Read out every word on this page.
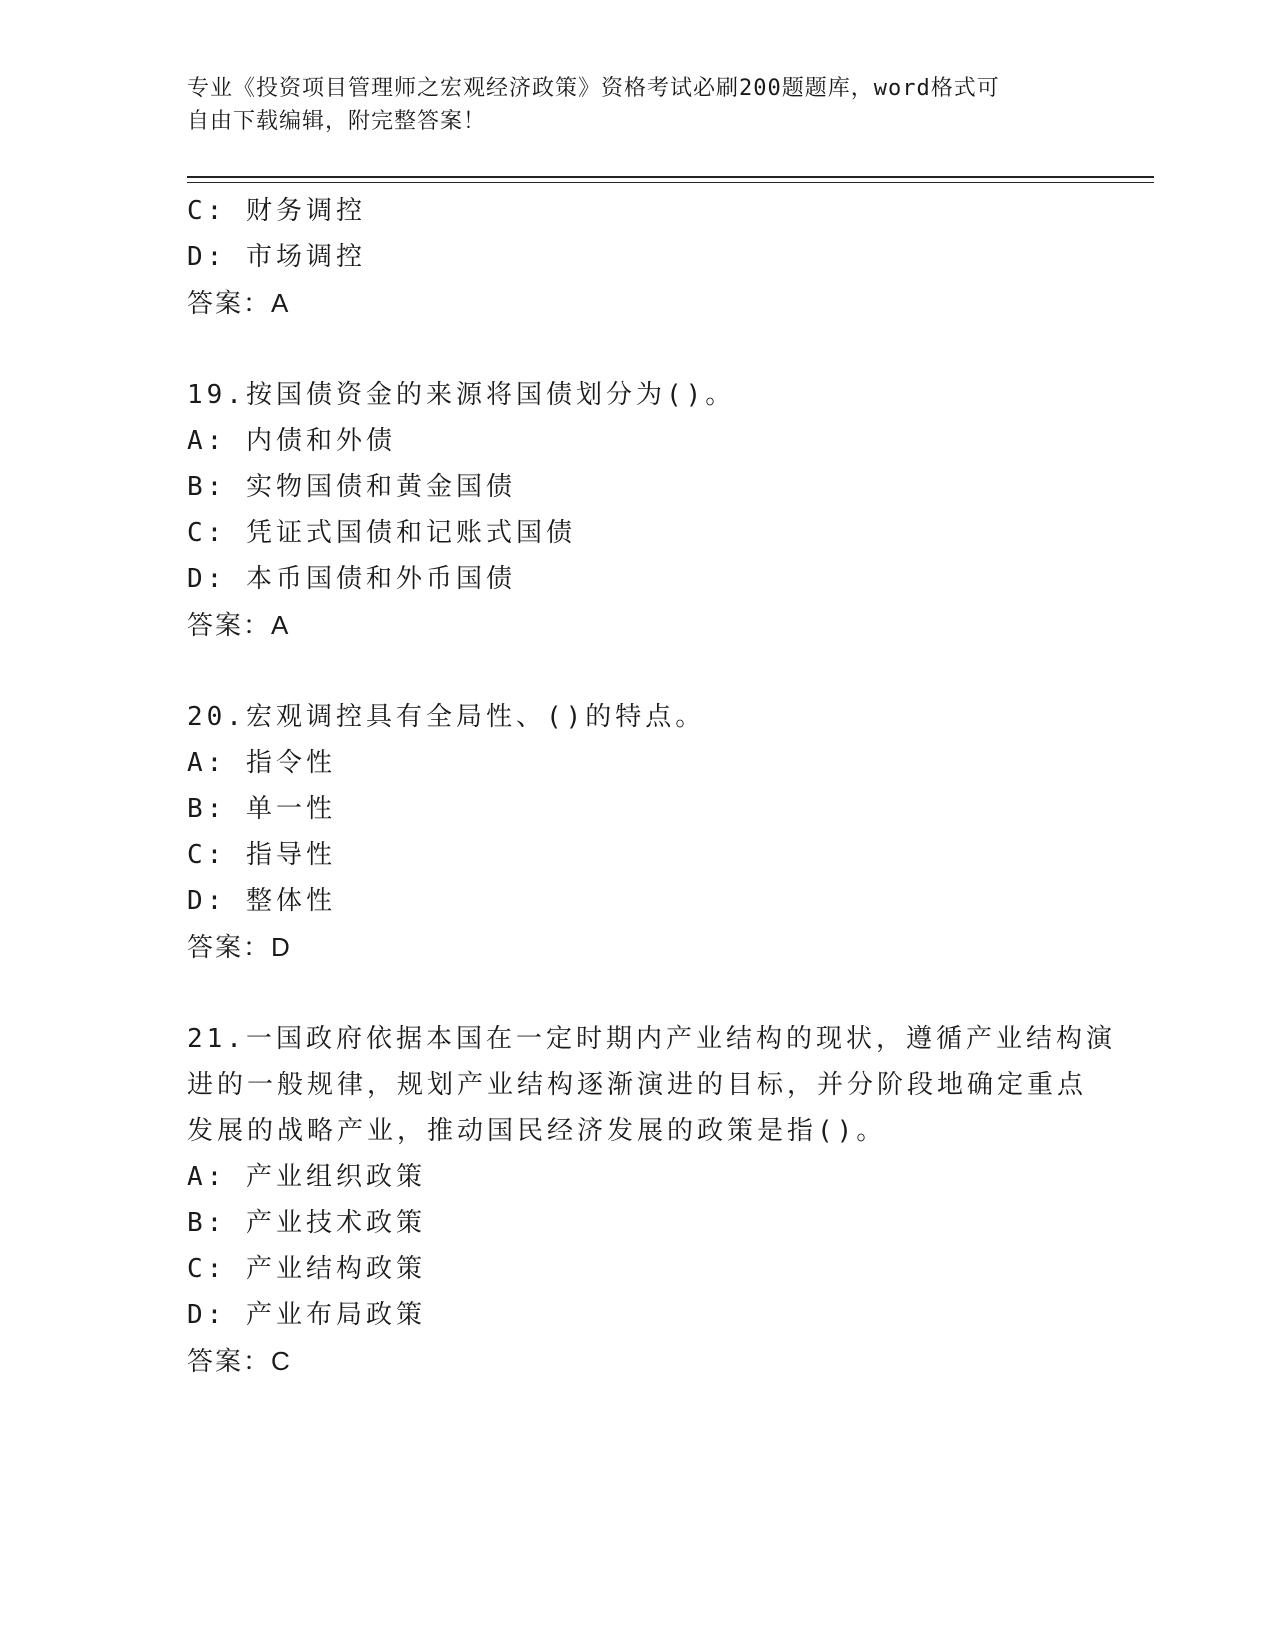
专业《投资项目管理师之宏观经济政策》资格考试必刷200题题库，word格式可
自由下载编辑，附完整答案！
C: 财务调控
D: 市场调控
答案：A
19.按国债资金的来源将国债划分为()。
A: 内债和外债
B: 实物国债和黄金国债
C: 凭证式国债和记账式国债
D: 本币国债和外币国债
答案：A
20.宏观调控具有全局性、()的特点。
A: 指令性
B: 单一性
C: 指导性
D: 整体性
答案：D
21.一国政府依据本国在一定时期内产业结构的现状，遵循产业结构演
进的一般规律，规划产业结构逐渐演进的目标，并分阶段地确定重点
发展的战略产业，推动国民经济发展的政策是指()。
A: 产业组织政策
B: 产业技术政策
C: 产业结构政策
D: 产业布局政策
答案：C
